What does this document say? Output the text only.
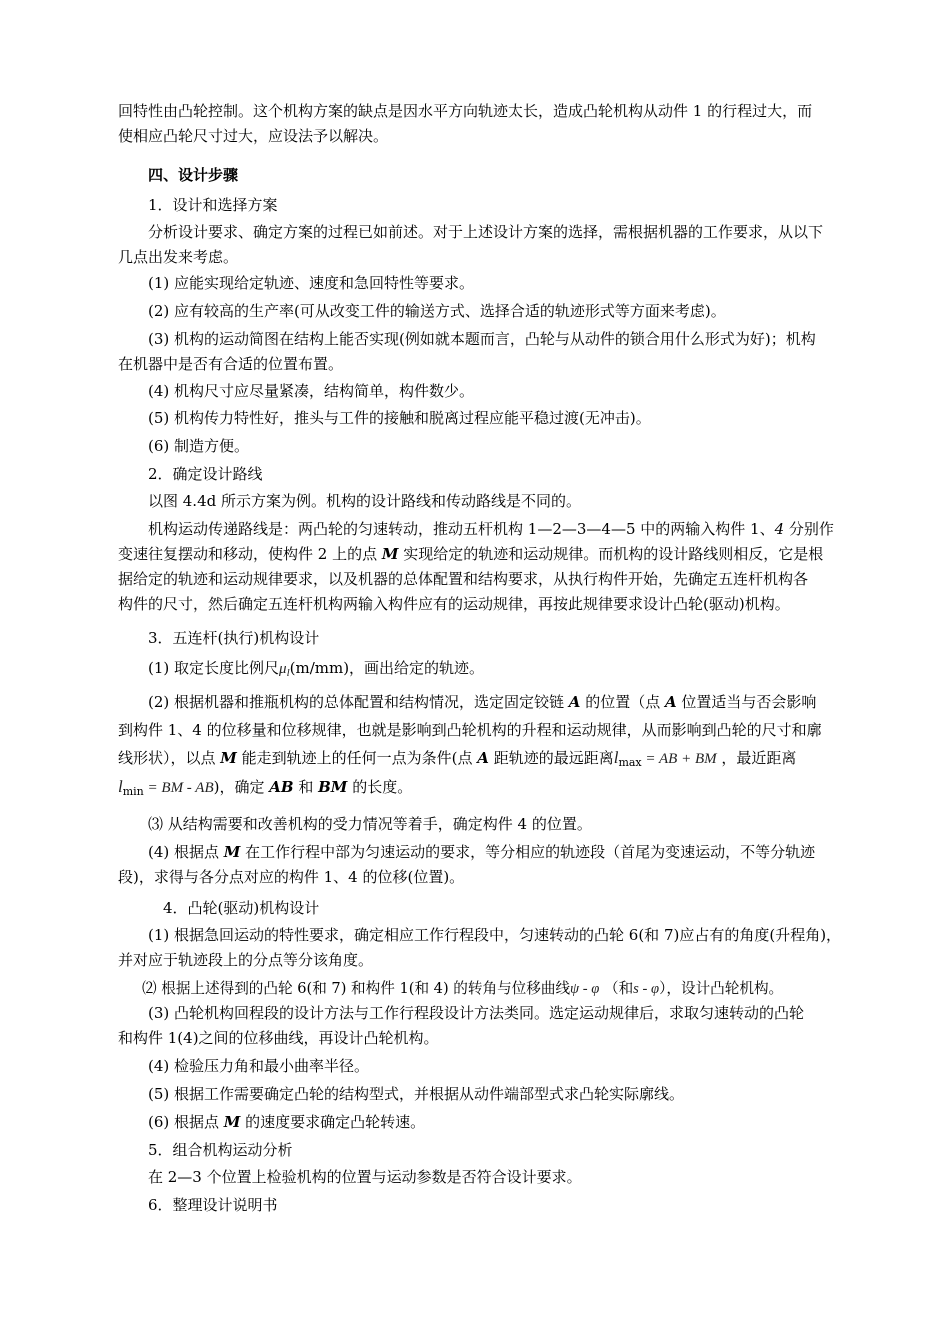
回特性由凸轮控制。这个机构方案的缺点是因水平方向轨迹太长，造成凸轮机构从动件 1 的行程过大，而
使相应凸轮尺寸过大，应设法予以解决。

四、设计步骤

1．设计和选择方案

分析设计要求、确定方案的过程已如前述。对于上述设计方案的选择，需根据机器的工作要求，从以下
几点出发来考虑。

(1) 应能实现给定轨迹、速度和急回特性等要求。

(2) 应有较高的生产率(可从改变工件的输送方式、选择合适的轨迹形式等方面来考虑)。

(3) 机构的运动简图在结构上能否实现(例如就本题而言，凸轮与从动件的锁合用什么形式为好)；机构
在机器中是否有合适的位置布置。

(4) 机构尺寸应尽量紧凑，结构简单，构件数少。

(5) 机构传力特性好，推头与工件的接触和脱离过程应能平稳过渡(无冲击)。

(6) 制造方便。

2．确定设计路线

以图 4.4d 所示方案为例。机构的设计路线和传动路线是不同的。

机构运动传递路线是：两凸轮的匀速转动，推动五杆机构 1—2—3—4—5 中的两输入构件 1、4 分别作
变速往复摆动和移动，使构件 2 上的点 M 实现给定的轨迹和运动规律。而机构的设计路线则相反，它是根
据给定的轨迹和运动规律要求，以及机器的总体配置和结构要求，从执行构件开始，先确定五连杆机构各
构件的尺寸，然后确定五连杆机构两输入构件应有的运动规律，再按此规律要求设计凸轮(驱动)机构。

3．五连杆(执行)机构设计

(1) 取定长度比例尺$\mu_l(m/mm)$，画出给定的轨迹。

(2) 根据机器和推瓶机构的总体配置和结构情况，选定固定铰链 A 的位置（点 A 位置适当与否会影响
到构件 1、4 的位移量和位移规律，也就是影响到凸轮机构的升程和运动规律，从而影响到凸轮的尺寸和廓
线形状），以点 M 能走到轨迹上的任何一点为条件(点 A 距轨迹的最远距离$l_{max}$ = AB + BM ，最近距离
$l_{min}$ = BM - AB)，确定 AB 和 BM 的长度。

⑶ 从结构需要和改善机构的受力情况等着手，确定构件 4 的位置。

(4) 根据点 M 在工作行程中部为匀速运动的要求，等分相应的轨迹段（首尾为变速运动，不等分轨迹
段)，求得与各分点对应的构件 1、4 的位移(位置)。

4．凸轮(驱动)机构设计

(1) 根据急回运动的特性要求，确定相应工作行程段中，匀速转动的凸轮 6(和 7)应占有的角度(升程角)，
并对应于轨迹段上的分点等分该角度。

⑵ 根据上述得到的凸轮 6(和 7) 和构件 1(和 4) 的转角与位移曲线ψ - φ （和s - φ），设计凸轮机构。

(3) 凸轮机构回程段的设计方法与工作行程段设计方法类同。选定运动规律后，求取匀速转动的凸轮
和构件 1(4)之间的位移曲线，再设计凸轮机构。

(4) 检验压力角和最小曲率半径。

(5) 根据工作需要确定凸轮的结构型式，并根据从动件端部型式求凸轮实际廓线。

(6) 根据点 M 的速度要求确定凸轮转速。

5．组合机构运动分析

在 2—3 个位置上检验机构的位置与运动参数是否符合设计要求。

6．整理设计说明书
